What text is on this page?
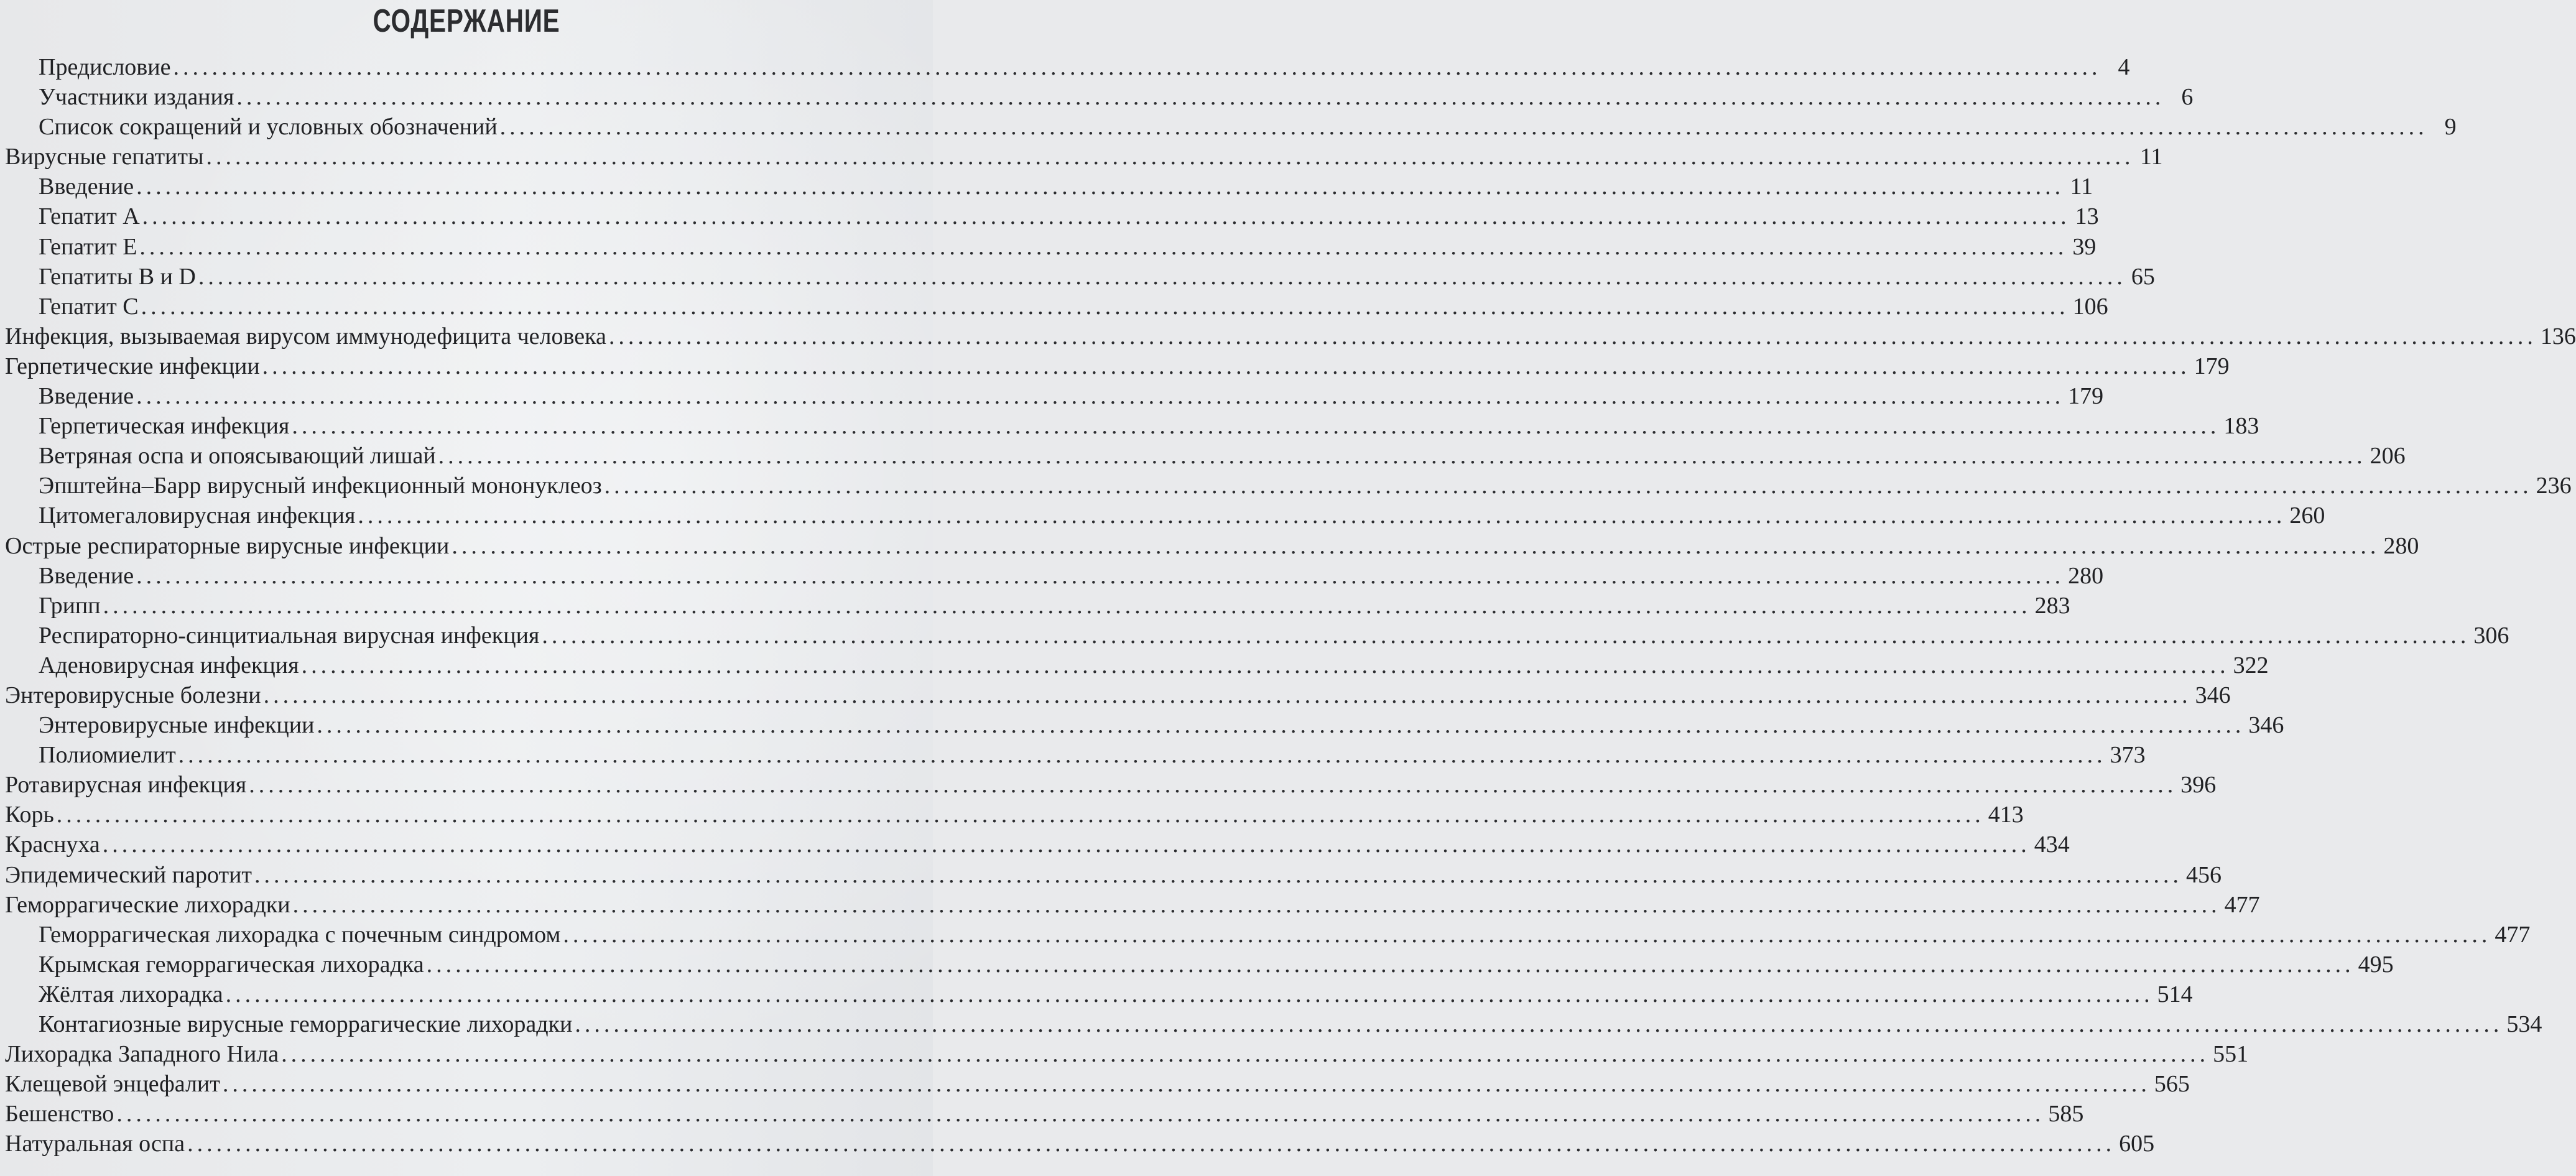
СОДЕРЖАНИЕ
Предисловие ........................................................................................................................................................................................................ 4
Участники издания ........................................................................................................................................................................................................ 6
Список сокращений и условных обозначений ........................................................................................................................................................................................................ 9
Вирусные гепатиты ........................................................................................................................................................................................................ 11
Введение ........................................................................................................................................................................................................ 11
Гепатит А ........................................................................................................................................................................................................ 13
Гепатит Е ........................................................................................................................................................................................................ 39
Гепатиты В и D ........................................................................................................................................................................................................ 65
Гепатит С ........................................................................................................................................................................................................ 106
Инфекция, вызываемая вирусом иммунодефицита человека ........................................................................................................................................................................................................ 136
Герпетические инфекции ........................................................................................................................................................................................................ 179
Введение ........................................................................................................................................................................................................ 179
Герпетическая инфекция ........................................................................................................................................................................................................ 183
Ветряная оспа и опоясывающий лишай ........................................................................................................................................................................................................ 206
Эпштейна–Барр вирусный инфекционный мононуклеоз ........................................................................................................................................................................................................ 236
Цитомегаловирусная инфекция ........................................................................................................................................................................................................ 260
Острые респираторные вирусные инфекции ........................................................................................................................................................................................................ 280
Введение ........................................................................................................................................................................................................ 280
Грипп ........................................................................................................................................................................................................ 283
Респираторно-синцитиальная вирусная инфекция ........................................................................................................................................................................................................ 306
Аденовирусная инфекция ........................................................................................................................................................................................................ 322
Энтеровирусные болезни ........................................................................................................................................................................................................ 346
Энтеровирусные инфекции ........................................................................................................................................................................................................ 346
Полиомиелит ........................................................................................................................................................................................................ 373
Ротавирусная инфекция ........................................................................................................................................................................................................ 396
Корь ........................................................................................................................................................................................................ 413
Краснуха ........................................................................................................................................................................................................ 434
Эпидемический паротит ........................................................................................................................................................................................................ 456
Геморрагические лихорадки ........................................................................................................................................................................................................ 477
Геморрагическая лихорадка с почечным синдромом ........................................................................................................................................................................................................ 477
Крымская геморрагическая лихорадка ........................................................................................................................................................................................................ 495
Жёлтая лихорадка ........................................................................................................................................................................................................ 514
Контагиозные вирусные геморрагические лихорадки ........................................................................................................................................................................................................ 534
Лихорадка Западного Нила ........................................................................................................................................................................................................ 551
Клещевой энцефалит ........................................................................................................................................................................................................ 565
Бешенство ........................................................................................................................................................................................................ 585
Натуральная оспа ........................................................................................................................................................................................................ 605
